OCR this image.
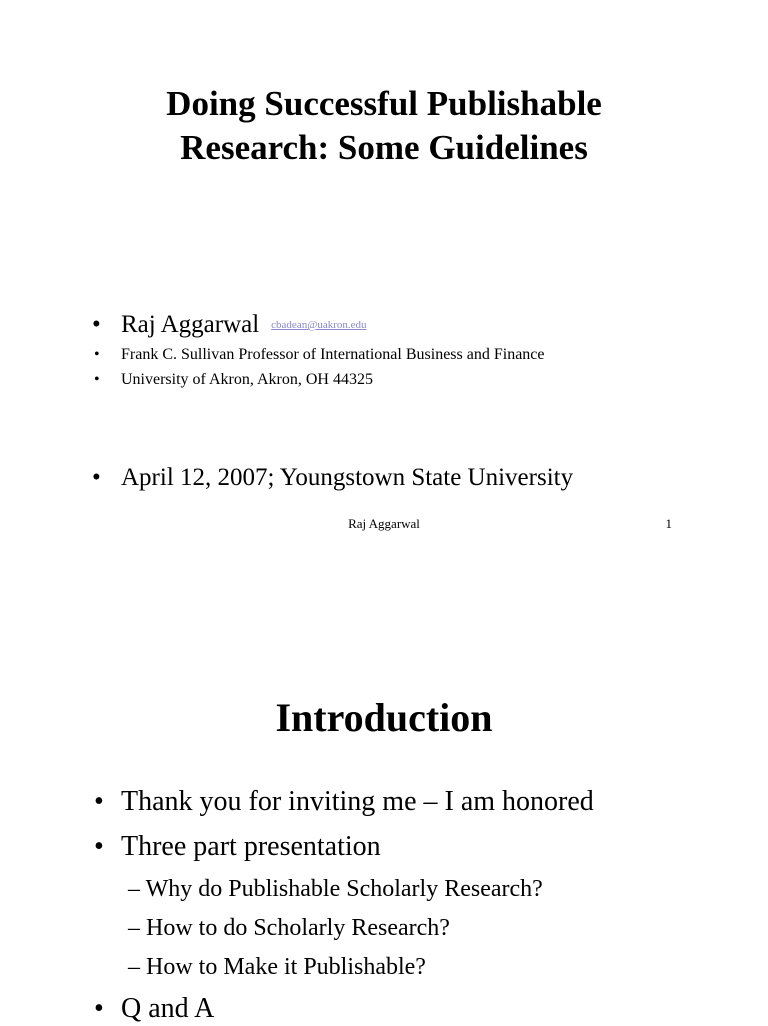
Doing Successful Publishable
Research: Some Guidelines
• Raj Aggarwal cbadean@uakron.edu
• Frank C. Sullivan Professor of International Business and Finance
• University of Akron, Akron, OH 44325
• April 12, 2007; Youngstown State University
Raj Aggarwal	1
Introduction
• Thank you for inviting me – I am honored
• Three part presentation
– Why do Publishable Scholarly Research?
– How to do Scholarly Research?
– How to Make it Publishable?
• Q and A
